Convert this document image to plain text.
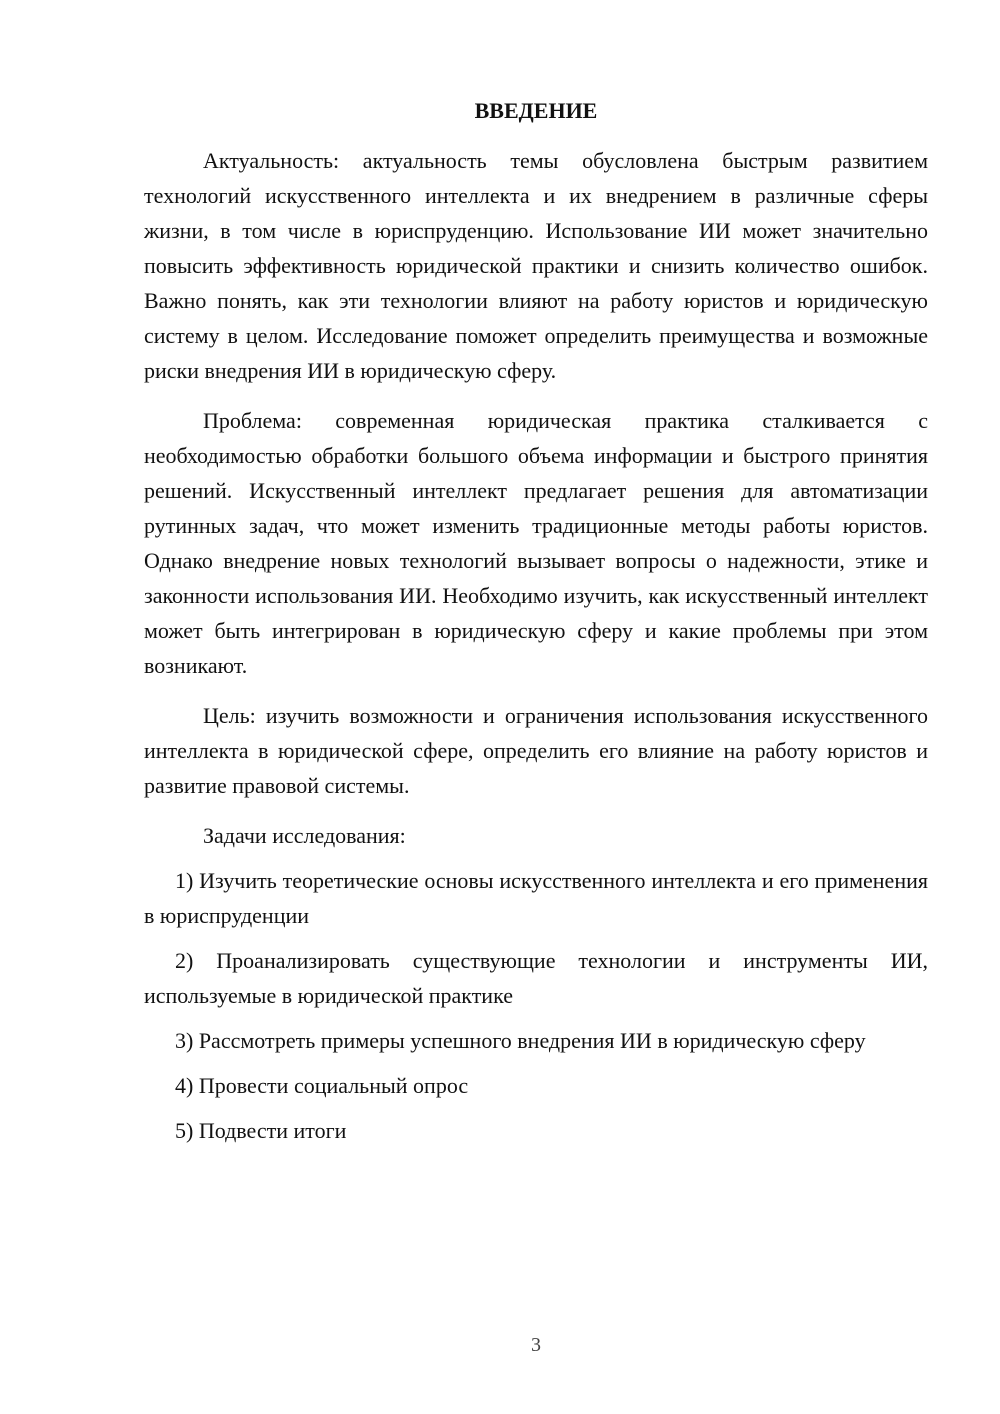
ВВЕДЕНИЕ

Актуальность: актуальность темы обусловлена быстрым развитием технологий искусственного интеллекта и их внедрением в различные сферы жизни, в том числе в юриспруденцию. Использование ИИ может значительно повысить эффективность юридической практики и снизить количество ошибок. Важно понять, как эти технологии влияют на работу юристов и юридическую систему в целом. Исследование поможет определить преимущества и возможные риски внедрения ИИ в юридическую сферу.

Проблема: современная юридическая практика сталкивается с необходимостью обработки большого объема информации и быстрого принятия решений. Искусственный интеллект предлагает решения для автоматизации рутинных задач, что может изменить традиционные методы работы юристов. Однако внедрение новых технологий вызывает вопросы о надежности, этике и законности использования ИИ. Необходимо изучить, как искусственный интеллект может быть интегрирован в юридическую сферу и какие проблемы при этом возникают.

Цель: изучить возможности и ограничения использования искусственного интеллекта в юридической сфере, определить его влияние на работу юристов и развитие правовой системы.

Задачи исследования:

1) Изучить теоретические основы искусственного интеллекта и его применения в юриспруденции

2) Проанализировать существующие технологии и инструменты ИИ, используемые в юридической практике

3) Рассмотреть примеры успешного внедрения ИИ в юридическую сферу

4) Провести социальный опрос

5) Подвести итоги

3
